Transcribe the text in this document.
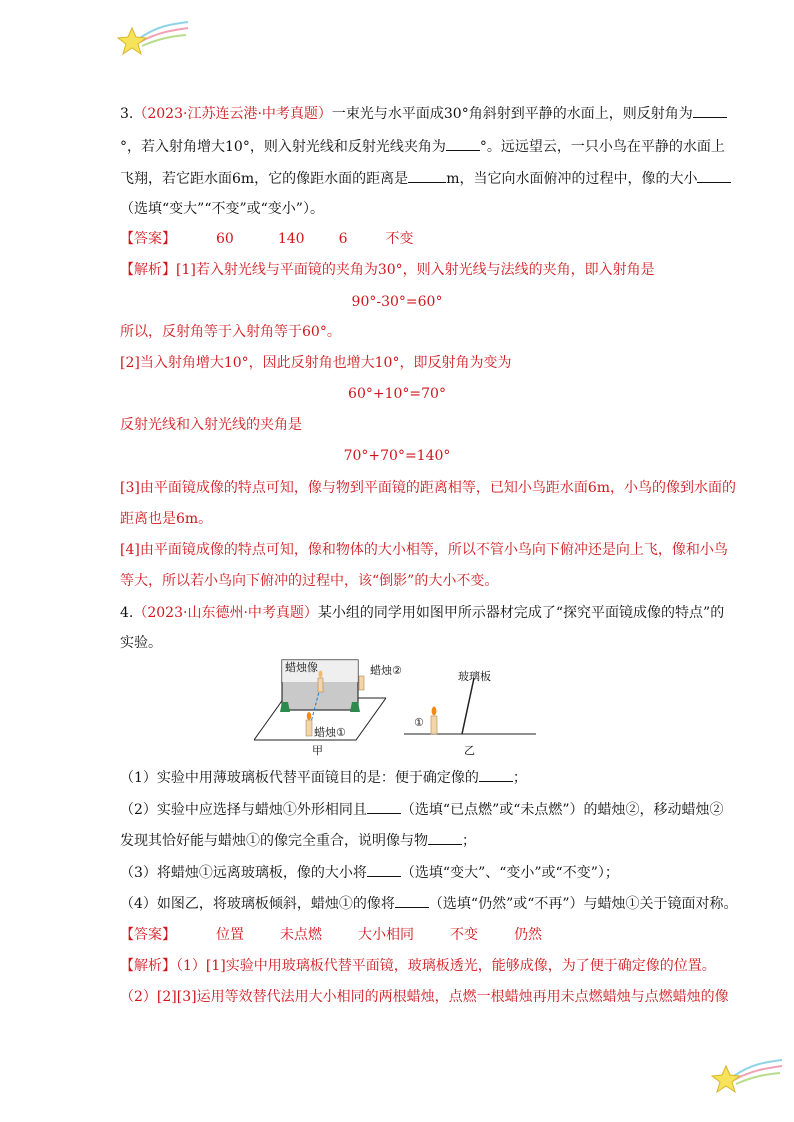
3.（2023·江苏连云港·中考真题）一束光与水平面成30°角斜射到平静的水面上，则反射角为
°，若入射角增大10°，则入射光线和反射光线夹角为 °。远远望云，一只小鸟在平静的水面上
飞翔，若它距水面6m，它的像距水面的距离是	m，当它向水面俯冲的过程中，像的大小
（选填“变大”“不变”或“变小”）。
【答案】	60	140 6	不变
【解析】[1]若入射光线与平面镜的夹角为30°，则入射光线与法线的夹角，即入射角是
90°-30°=60°
所以，反射角等于入射角等于60°。
[2]当入射角增大10°，因此反射角也增大10°，即反射角为变为
60°+10°=70°
反射光线和入射光线的夹角是
70°+70°=140°
[3]由平面镜成像的特点可知，像与物到平面镜的距离相等，已知小鸟距水面6m，小鸟的像到水面的
距离也是6m。
[4]由平面镜成像的特点可知，像和物体的大小相等，所以不管小鸟向下俯冲还是向上飞，像和小鸟
等大，所以若小鸟向下俯冲的过程中，该“倒影”的大小不变。
4.（2023·山东德州·中考真题）某小组的同学用如图甲所示器材完成了“探究平面镜成像的特点”的
实验。
蜡烛像
蜡烛①
甲
蜡烛②	玻璃板
①
乙
（1）实验中用薄玻璃板代替平面镜目的是：便于确定像的 ；
（2）实验中应选择与蜡烛①外形相同且 （选填“已点燃”或“未点燃”）的蜡烛②，移动蜡烛②
发现其恰好能与蜡烛①的像完全重合，说明像与物 ；
（3）将蜡烛①远离玻璃板，像的大小将 （选填“变大”、“变小”或“不变”）；
（4）如图乙，将玻璃板倾斜，蜡烛①的像将 （选填“仍然”或“不再”）与蜡烛①关于镜面对称。
【答案】	位置	未点燃	大小相同	不变	仍然
【解析】（1）[1]实验中用玻璃板代替平面镜，玻璃板透光，能够成像，为了便于确定像的位置。
（2）[2][3]运用等效替代法用大小相同的两根蜡烛，点燃一根蜡烛再用未点燃蜡烛与点燃蜡烛的像
